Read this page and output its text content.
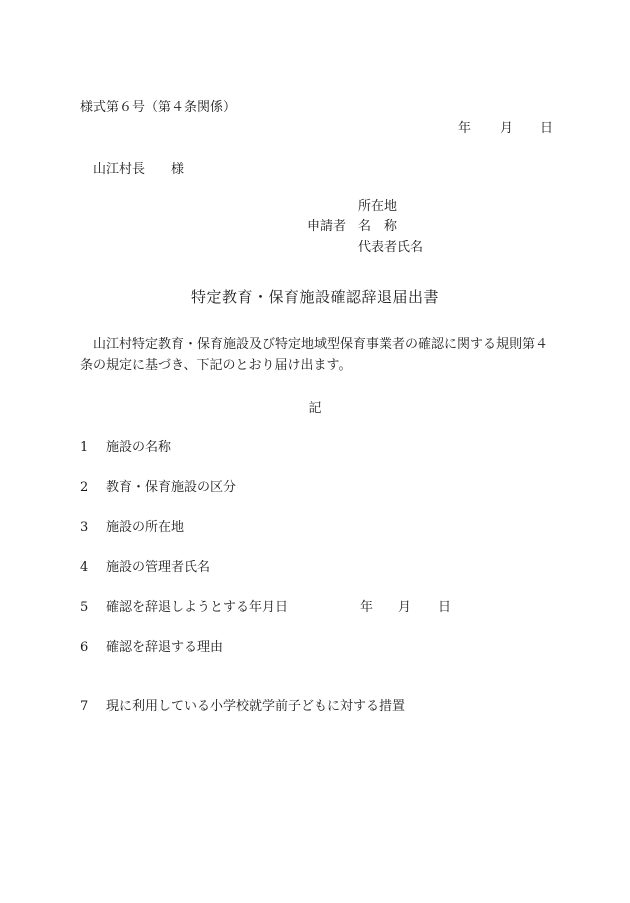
様式第６号（第４条関係）
年 月 日
山江村長 様
申請者
所在地
名　称
代表者氏名
特定教育・保育施設確認辞退届出書
山江村特定教育・保育施設及び特定地域型保育事業者の確認に関する規則第４条の規定に基づき、下記のとおり届け出ます。
記
1 施設の名称
2 教育・保育施設の区分
3 施設の所在地
4 施設の管理者氏名
5 確認を辞退しようとする年月日	年 月 日
6 確認を辞退する理由
7 現に利用している小学校就学前子どもに対する措置
